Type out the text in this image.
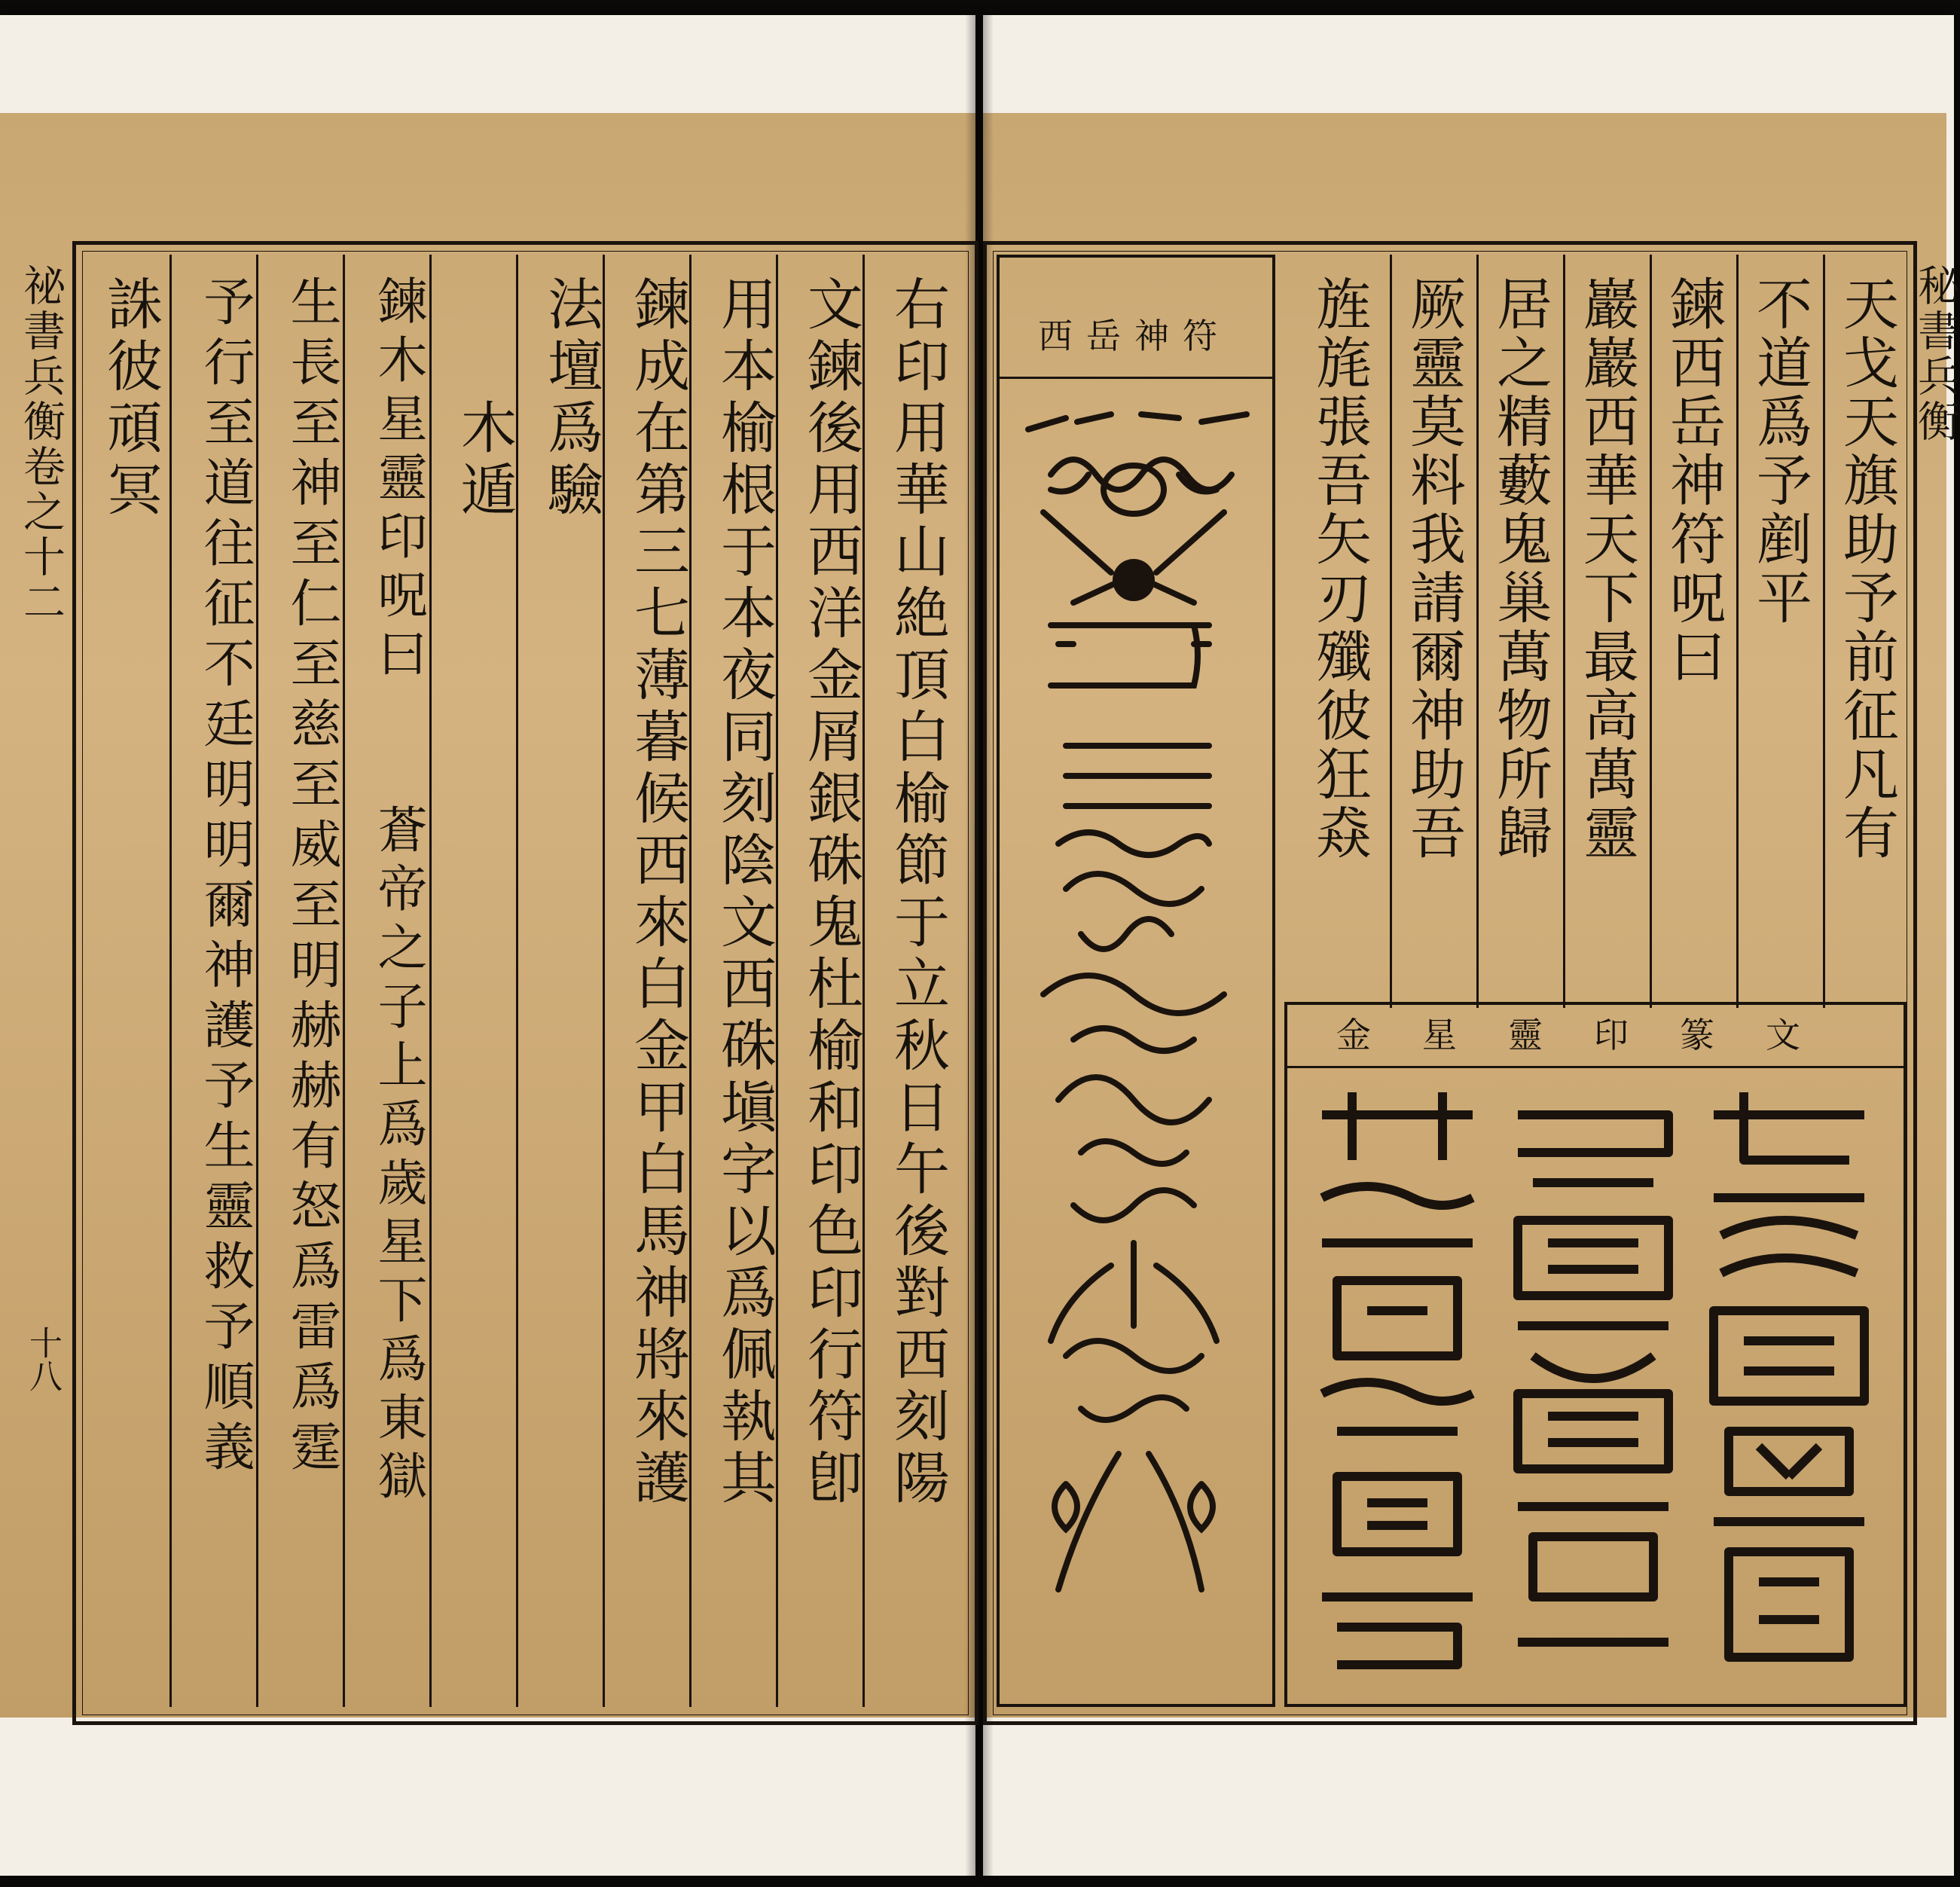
祕書兵衡卷之十二
十八	右印用華山絶頂白榆節于立秋日午後對西刻陽
文鍊後用西洋金屑銀硃鬼杜榆和印色印行符卽
用本榆根于本夜同刻陰文西硃塡字以爲佩執其
鍊成在第三七薄暮候西來白金甲白馬神將來護
法壇爲驗
　　木遁
鍊木星靈印呪曰　　蒼帝之子上爲歲星下爲東獄
生長至神至仁至慈至威至明赫赫有怒爲雷爲霆
予行至道往征不廷明明爾神護予生靈救予順義
誅彼頑冥	秘書兵衡
西岳神符	天戈天旗助予前征凡有
不道爲予剷平
鍊西岳神符呪曰
巖巖西華天下最高萬靈
居之精藪鬼巢萬物所歸
厥靈莫料我請爾神助吾
旌旄張吾矢刃殲彼狂猋
金星靈印篆文
